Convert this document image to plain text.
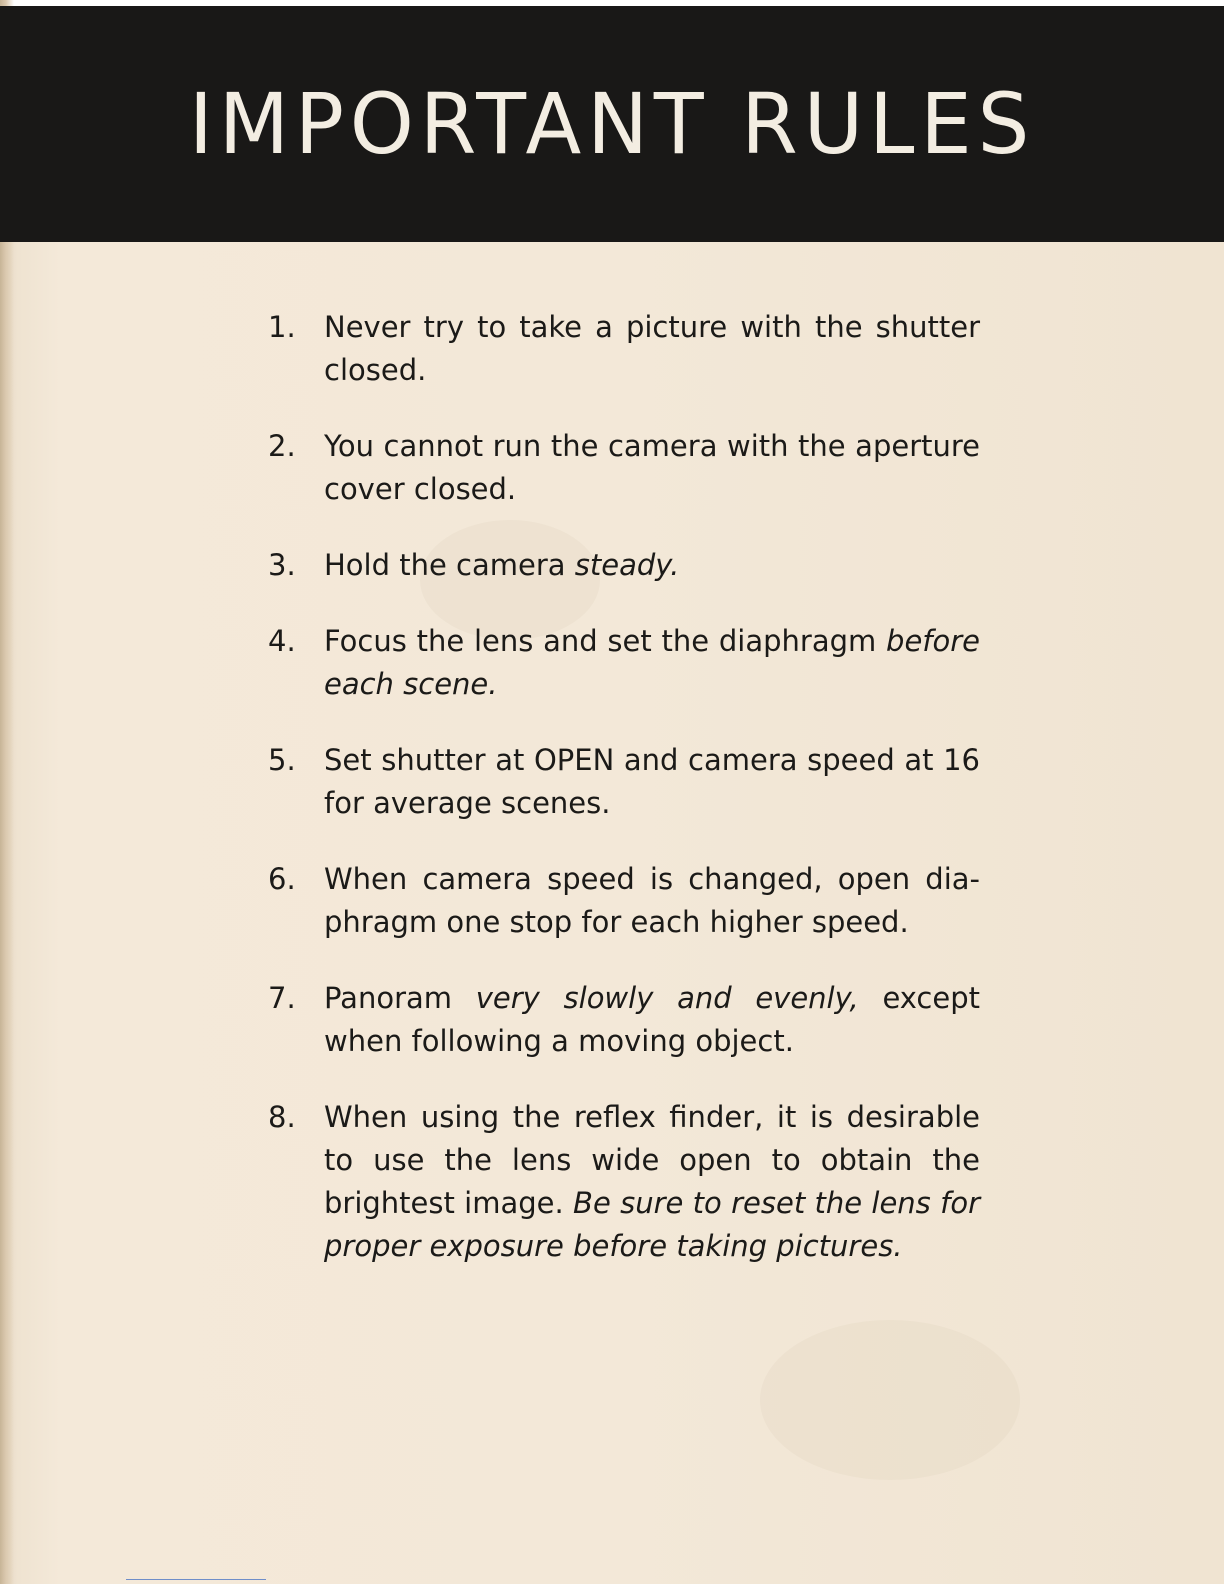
IMPORTANT RULES
1. Never try to take a picture with the shutter closed.
2. You cannot run the camera with the aperture cover closed.
3. Hold the camera steady.
4. Focus the lens and set the diaphragm before each scene.
5. Set shutter at OPEN and camera speed at 16 for average scenes.
6. When camera speed is changed, open dia-phragm one stop for each higher speed.
7. Panoram very slowly and evenly, except when following a moving object.
8. When using the reflex finder, it is desirable to use the lens wide open to obtain the brightest image. Be sure to reset the lens for proper exposure before taking pictures.
